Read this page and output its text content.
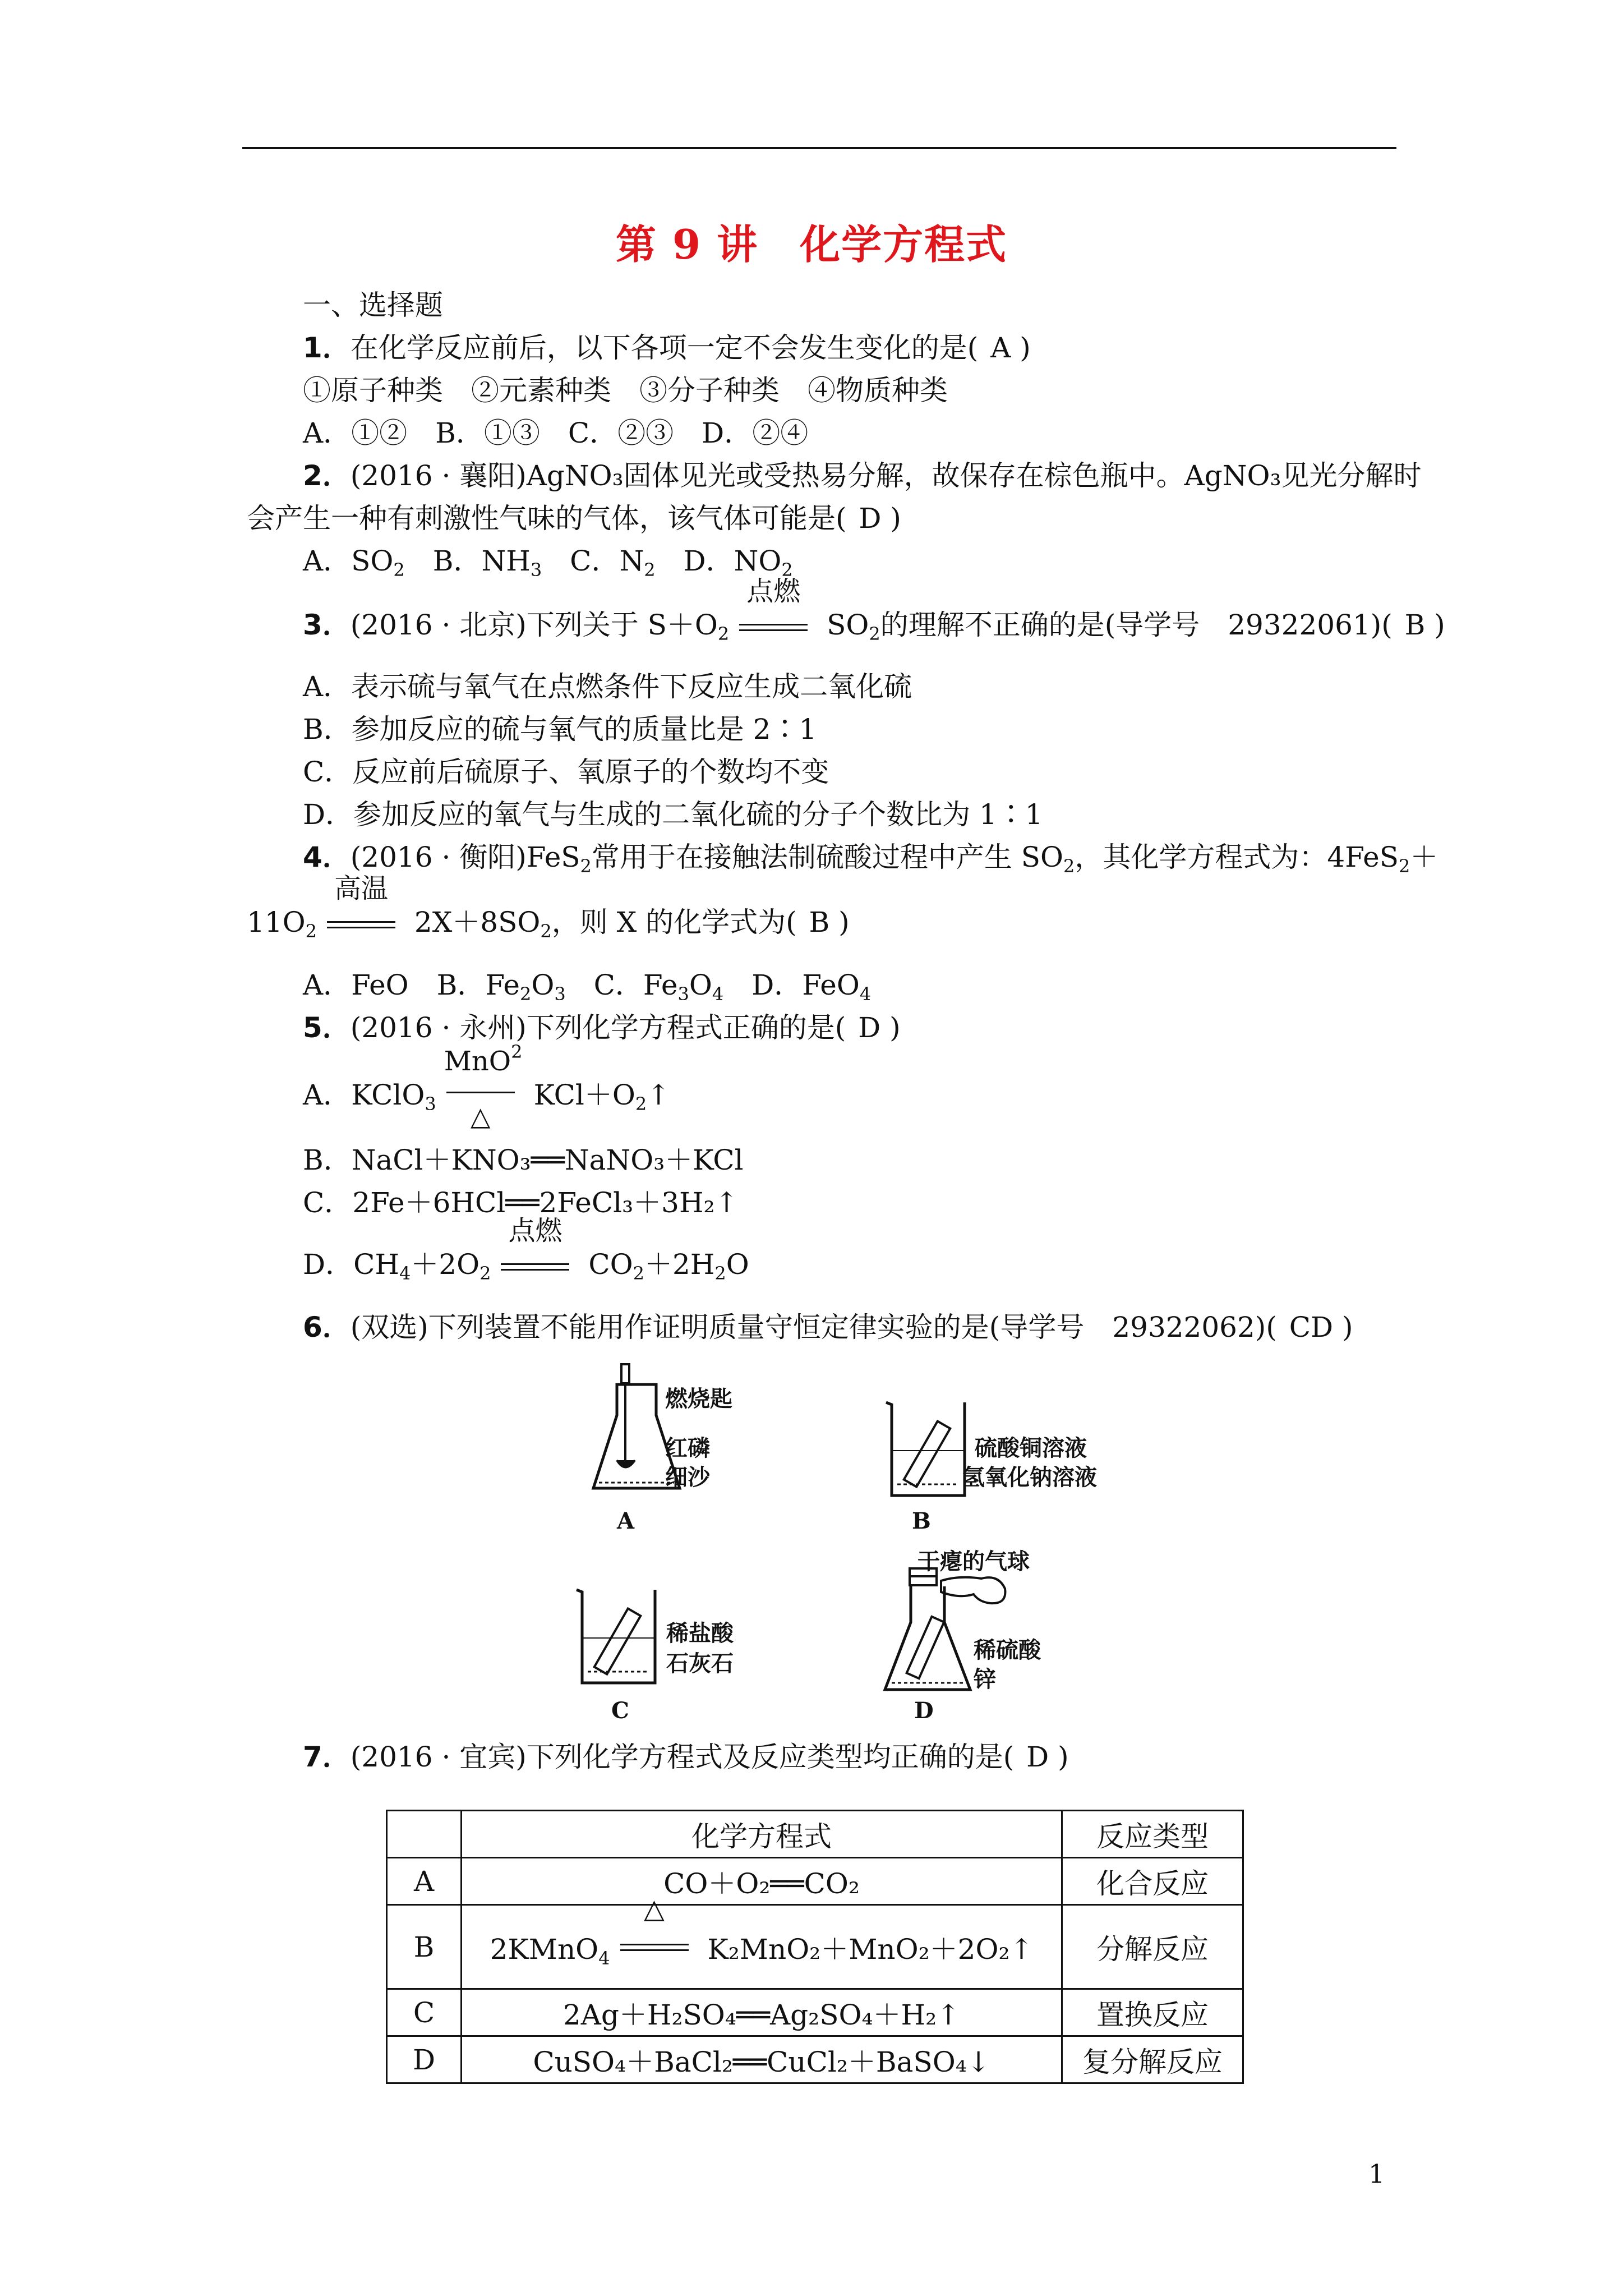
第 9 讲　化学方程式
一、选择题
1．在化学反应前后，以下各项一定不会发生变化的是( A )
①原子种类　②元素种类　③分子种类　④物质种类
A．①②　B．①③　C．②③　D．②④
2．(2016 · 襄阳)AgNO₃固体见光或受热易分解，故保存在棕色瓶中。AgNO₃见光分解时
会产生一种有刺激性气味的气体，该气体可能是( D )
A．$SO_2$　B．$NH_3$　C．$N_2$　D．$NO_2$
3．(2016 · 北京)下列关于 $S+O_2$
点燃
$SO_2$的理解不正确的是(导学号　29322061)( B )
A．表示硫与氧气在点燃条件下反应生成二氧化硫
B．参加反应的硫与氧气的质量比是 2∶1
C．反应前后硫原子、氧原子的个数均不变
D．参加反应的氧气与生成的二氧化硫的分子个数比为 1∶1
4．(2016 · 衡阳)FeS$_2$常用于在接触法制硫酸过程中产生 $SO_2$，其化学方程式为：4FeS$_2$＋
$11O_2$
高温
$2X+8SO_2$，则 X 的化学式为( B )
A．FeO　B．$Fe_2O_3$　C．$Fe_3O_4$　D．FeO$_4$
5．(2016 · 永州)下列化学方程式正确的是( D )
A．KClO$_3$
MnO$^2$
△
$KCl+O_2↑$
B．NaCl＋KNO₃══NaNO₃＋KCl
C．2Fe＋6HCl══2FeCl₃＋3H₂↑
D．$CH_4+2O_2$
点燃
$CO_2+2H_2O$
6．(双选)下列装置不能用作证明质量守恒定律实验的是(导学号　29322062)( CD )
燃烧匙
红磷
细沙
A
硫酸铜溶液
氢氧化钠溶液
B
稀盐酸
石灰石
C
干瘪的气球
稀硫酸
锌
D
7．(2016 · 宜宾)下列化学方程式及反应类型均正确的是( D )
	化学方程式	反应类型
A	CO＋O₂══CO₂	化合反应
B	2KMnO$_4$
△
K₂MnO₂＋MnO₂＋2O₂↑	分解反应
C	2Ag＋H₂SO₄══Ag₂SO₄＋H₂↑	置换反应
D	CuSO₄＋BaCl₂══CuCl₂＋BaSO₄↓	复分解反应
1
